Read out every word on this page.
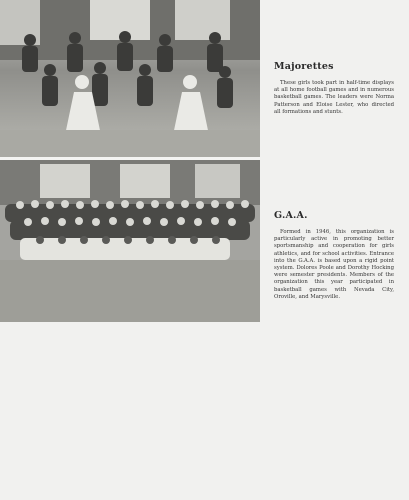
Majorettes

These girls took part in half-time displays at all home football games and in numerous basketball games. The leaders were Norma Patterson and Eloise Lester, who directed all formations and stunts.

G.A.A.

Formed in 1946, this organization is particularly active in promoting better sportsmanship and cooperation for girls athletics, and for school activities. Entrance into the G.A.A. is based upon a rigid point system. Dolores Poole and Dorothy Hocking were semester presidents. Members of the organization this year participated in basketball games with Nevada City, Oroville, and Marysville.
